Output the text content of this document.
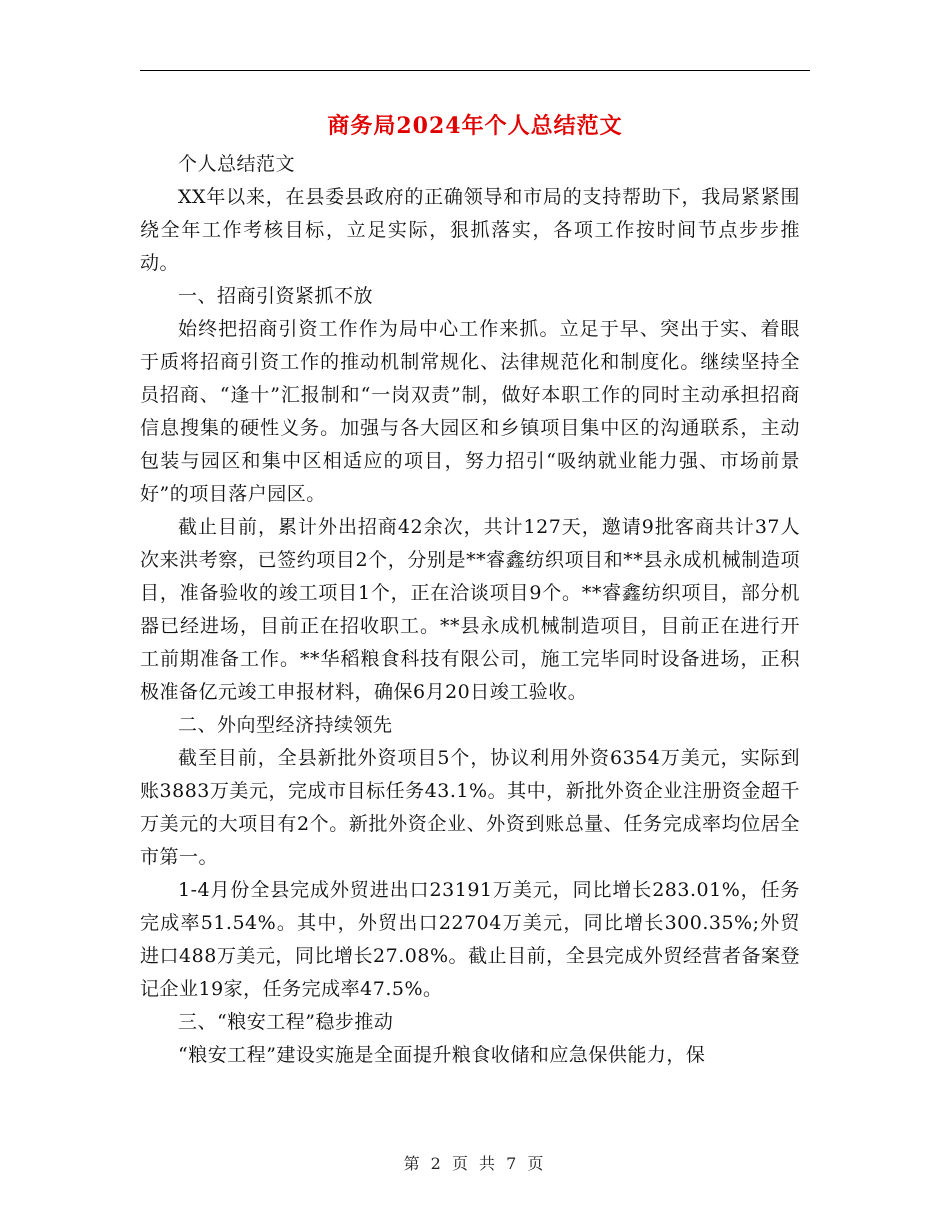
商务局2024年个人总结范文

个人总结范文

XX年以来，在县委县政府的正确领导和市局的支持帮助下，我局紧紧围绕全年工作考核目标，立足实际，狠抓落实，各项工作按时间节点步步推动。

一、招商引资紧抓不放

始终把招商引资工作作为局中心工作来抓。立足于早、突出于实、着眼于质将招商引资工作的推动机制常规化、法律规范化和制度化。继续坚持全员招商、“逢十”汇报制和“一岗双责”制，做好本职工作的同时主动承担招商信息搜集的硬性义务。加强与各大园区和乡镇项目集中区的沟通联系，主动包装与园区和集中区相适应的项目，努力招引“吸纳就业能力强、市场前景好”的项目落户园区。

截止目前，累计外出招商42余次，共计127天，邀请9批客商共计37人次来洪考察，已签约项目2个，分别是**睿鑫纺织项目和**县永成机械制造项目，准备验收的竣工项目1个，正在洽谈项目9个。**睿鑫纺织项目，部分机器已经进场，目前正在招收职工。**县永成机械制造项目，目前正在进行开工前期准备工作。**华稻粮食科技有限公司，施工完毕同时设备进场，正积极准备亿元竣工申报材料，确保6月20日竣工验收。

二、外向型经济持续领先

截至目前，全县新批外资项目5个，协议利用外资6354万美元，实际到账3883万美元，完成市目标任务43.1%。其中，新批外资企业注册资金超千万美元的大项目有2个。新批外资企业、外资到账总量、任务完成率均位居全市第一。

1-4月份全县完成外贸进出口23191万美元，同比增长283.01%，任务完成率51.54%。其中，外贸出口22704万美元，同比增长300.35%;外贸进口488万美元，同比增长27.08%。截止目前，全县完成外贸经营者备案登记企业19家，任务完成率47.5%。

三、“粮安工程”稳步推动

“粮安工程”建设实施是全面提升粮食收储和应急保供能力，保

第 2 页 共 7 页
